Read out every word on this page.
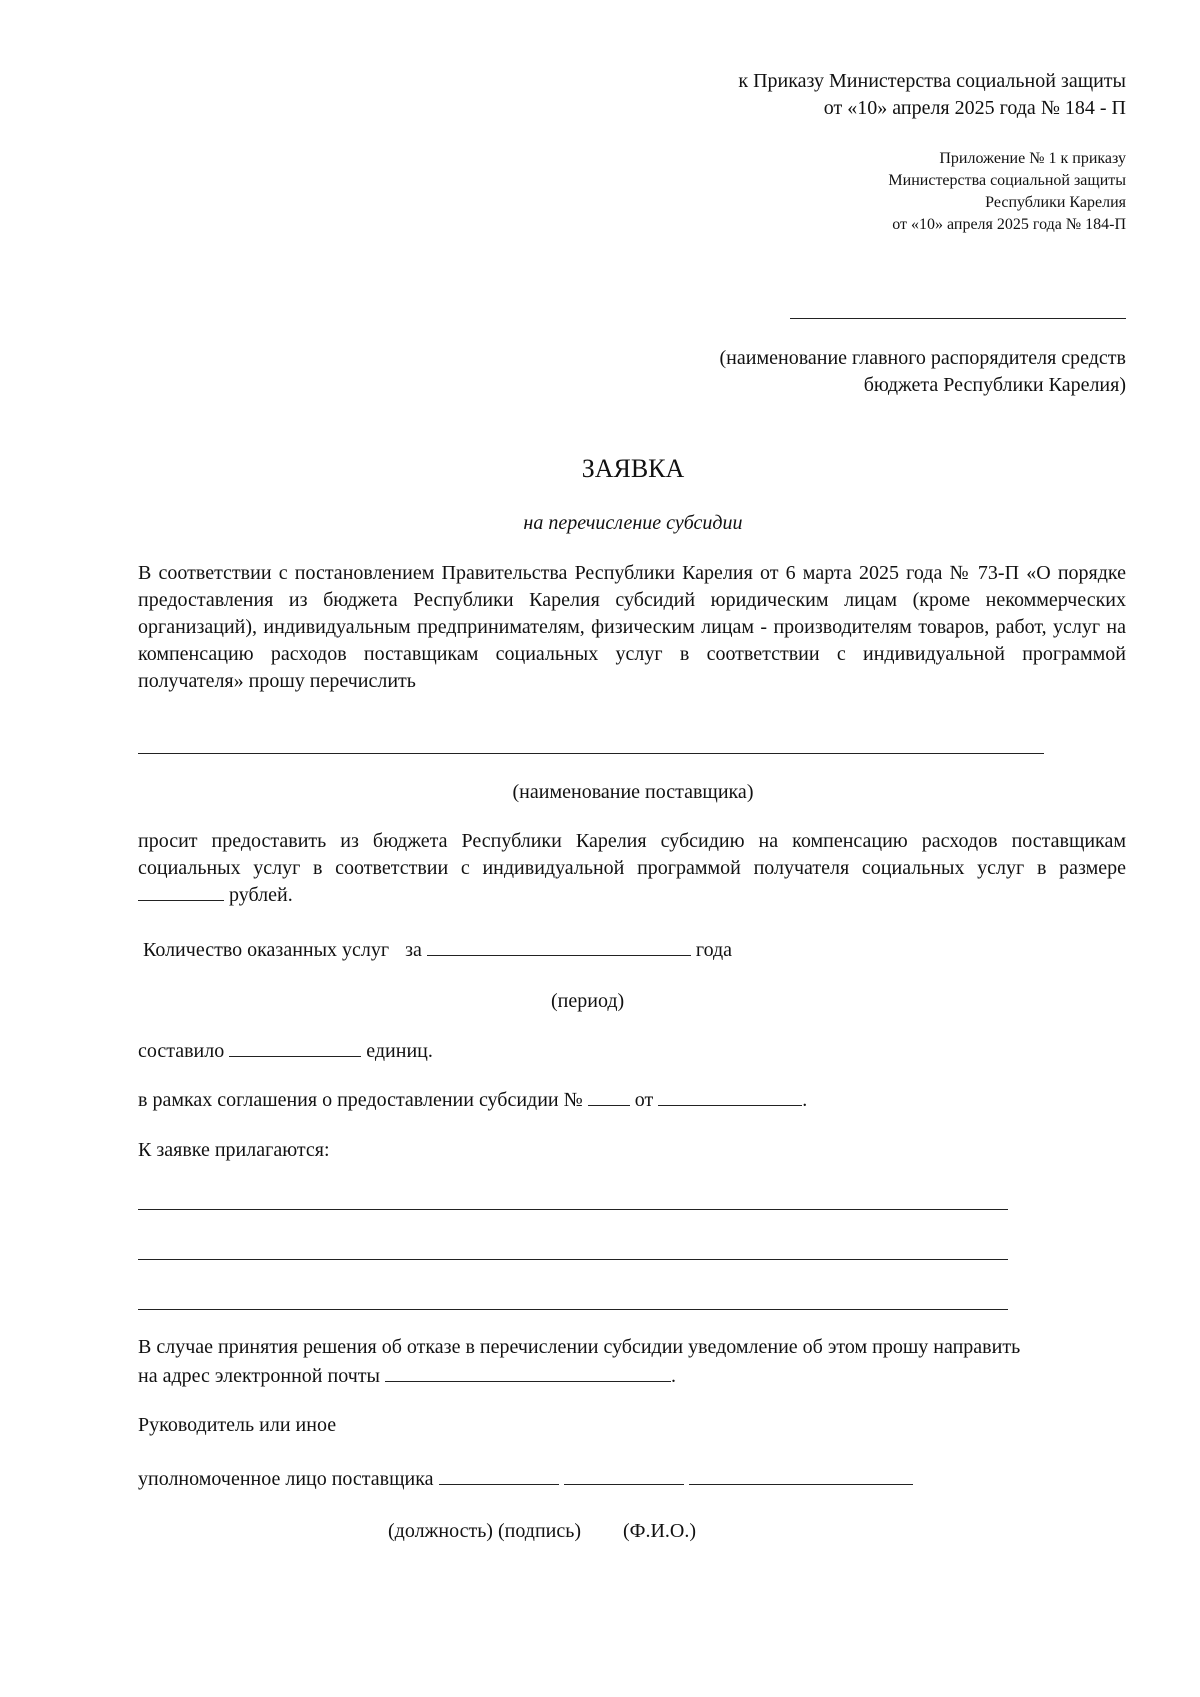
к Приказу Министерства социальной защиты
от «10» апреля 2025 года № 184 - П
Приложение № 1 к приказу
Министерства социальной защиты
Республики Карелия
от «10» апреля 2025 года № 184-П
(наименование главного распорядителя средств
бюджета Республики Карелия)
ЗАЯВКА
на перечисление субсидии

В соответствии с постановлением Правительства Республики Карелия от 6 марта 2025 года № 73-П «О порядке предоставления из бюджета Республики Карелия субсидий юридическим лицам (кроме некоммерческих организаций), индивидуальным предпринимателям, физическим лицам - производителям товаров, работ, услуг на компенсацию расходов поставщикам социальных услуг в соответствии с индивидуальной программой получателя» прошу перечислить

(наименование поставщика)

просит предоставить из бюджета Республики Карелия субсидию на компенсацию расходов поставщикам социальных услуг в соответствии с индивидуальной программой получателя социальных услуг в размере  рублей.

Количество оказанных услуг за	года
(период)
составило	единиц.
в рамках соглашения о предоставлении субсидии №	от	.
К заявке прилагаются:
В случае принятия решения об отказе в перечислении субсидии уведомление об этом прошу направить
на адрес электронной почты	.
Руководитель или иное
уполномоченное лицо поставщика
(должность) (подпись) (Ф.И.О.)
